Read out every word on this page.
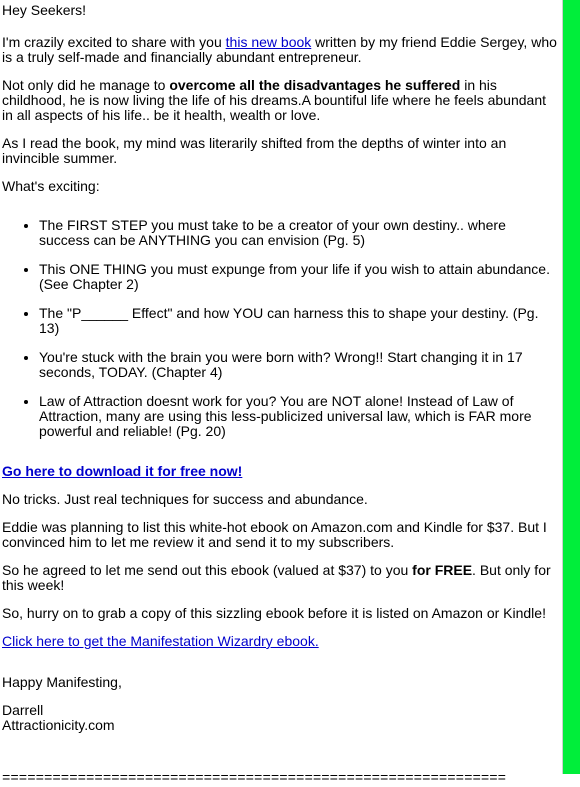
Hey Seekers!

I'm crazily excited to share with you this new book written by my friend Eddie Sergey, who is a truly self-made and financially abundant entrepreneur.

Not only did he manage to overcome all the disadvantages he suffered in his childhood, he is now living the life of his dreams.A bountiful life where he feels abundant in all aspects of his life.. be it health, wealth or love.

As I read the book, my mind was literarily shifted from the depths of winter into an invincible summer.

What's exciting:

• The FIRST STEP you must take to be a creator of your own destiny.. where success can be ANYTHING you can envision (Pg. 5)
• This ONE THING you must expunge from your life if you wish to attain abundance. (See Chapter 2)
• The "P______ Effect" and how YOU can harness this to shape your destiny. (Pg. 13)
• You're stuck with the brain you were born with? Wrong!! Start changing it in 17 seconds, TODAY. (Chapter 4)
• Law of Attraction doesnt work for you? You are NOT alone! Instead of Law of Attraction, many are using this less-publicized universal law, which is FAR more powerful and reliable! (Pg. 20)

Go here to download it for free now!

No tricks. Just real techniques for success and abundance.

Eddie was planning to list this white-hot ebook on Amazon.com and Kindle for $37. But I convinced him to let me review it and send it to my subscribers.

So he agreed to let me send out this ebook (valued at $37) to you for FREE. But only for this week!

So, hurry on to grab a copy of this sizzling ebook before it is listed on Amazon or Kindle!

Click here to get the Manifestation Wizardry ebook.

Happy Manifesting,

Darrell

Attractionicity.com

============================================================
